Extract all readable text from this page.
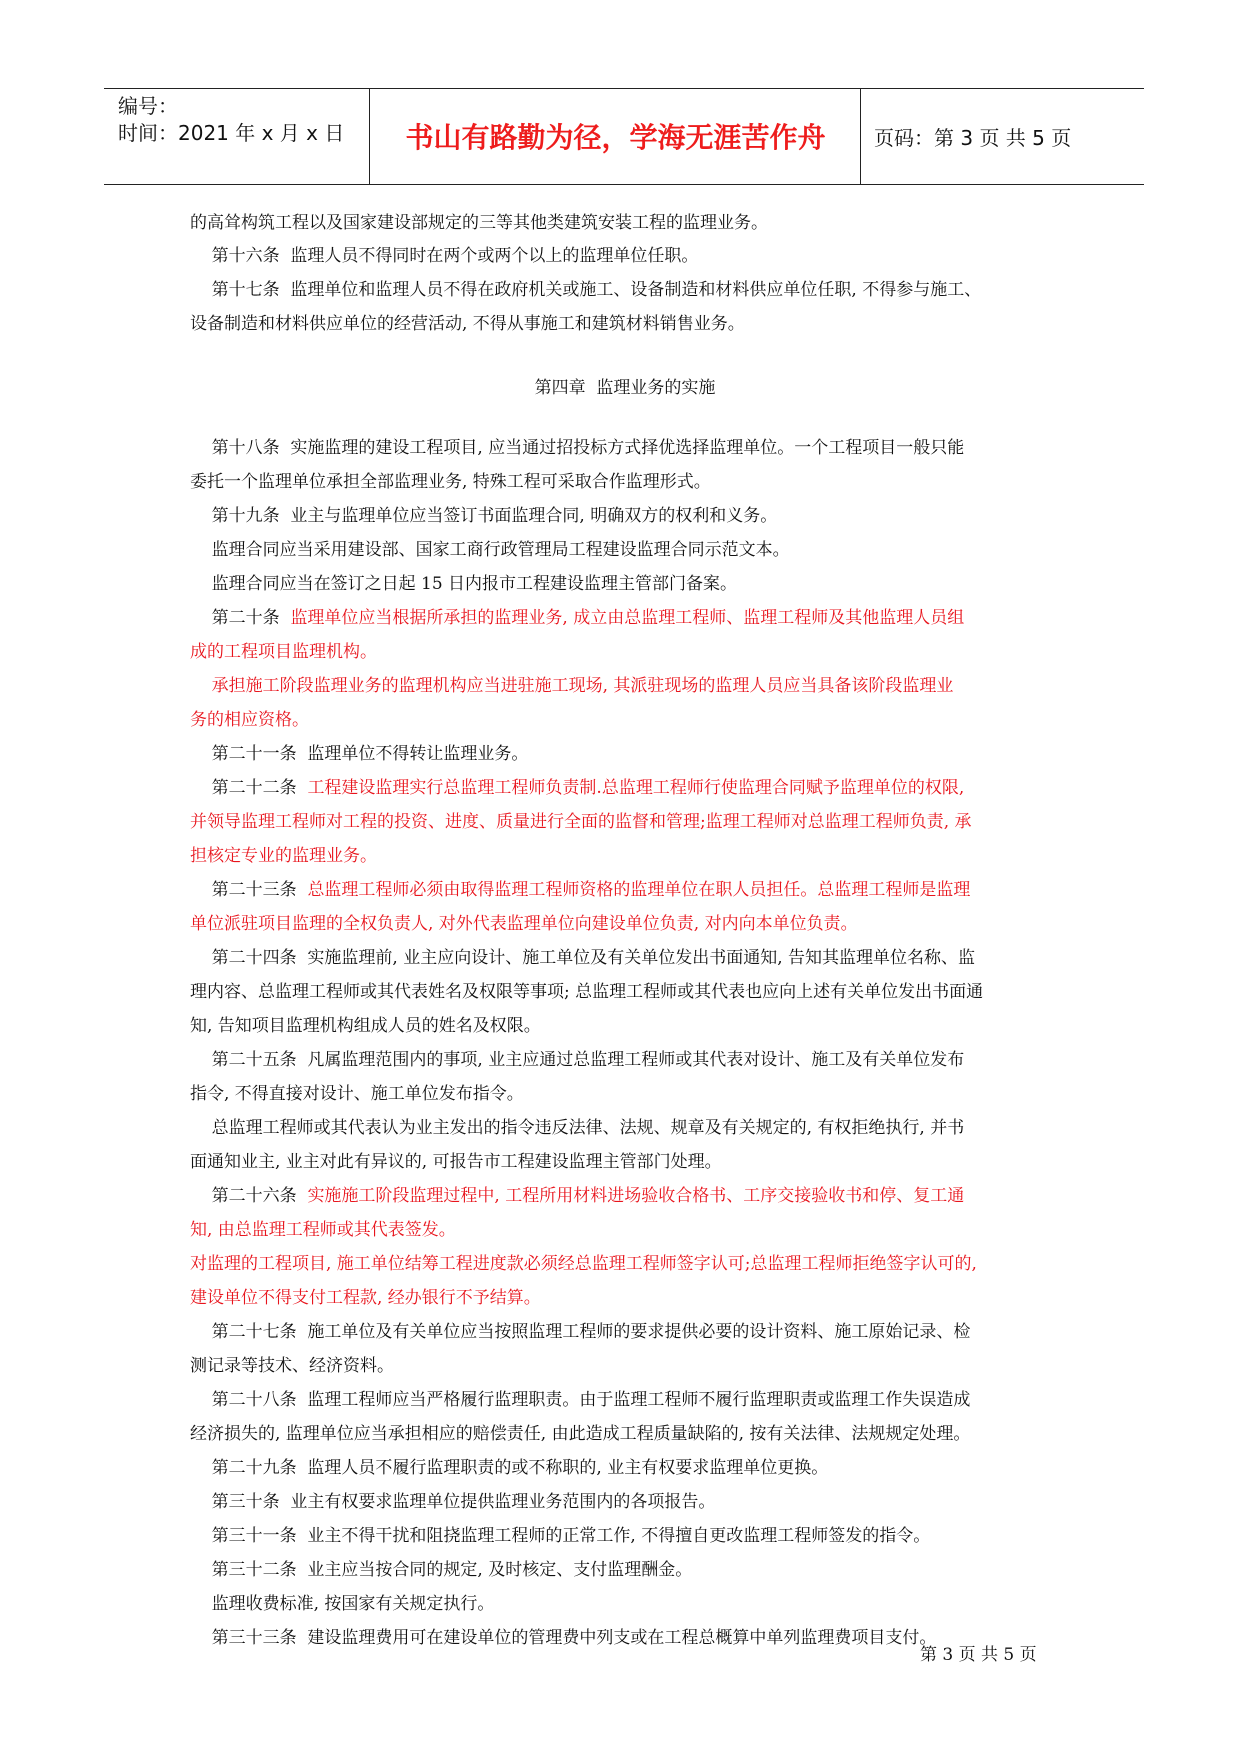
编号：
时间：2021 年 x 月 x 日	书山有路勤为径，学海无涯苦作舟	页码：第 3 页 共 5 页
的高耸构筑工程以及国家建设部规定的三等其他类建筑安装工程的监理业务。
第十六条  监理人员不得同时在两个或两个以上的监理单位任职。
第十七条  监理单位和监理人员不得在政府机关或施工、设备制造和材料供应单位任职, 不得参与施工、
设备制造和材料供应单位的经营活动, 不得从事施工和建筑材料销售业务。
第四章  监理业务的实施
第十八条  实施监理的建设工程项目, 应当通过招投标方式择优选择监理单位。一个工程项目一般只能
委托一个监理单位承担全部监理业务, 特殊工程可采取合作监理形式。
第十九条  业主与监理单位应当签订书面监理合同, 明确双方的权利和义务。
监理合同应当采用建设部、国家工商行政管理局工程建设监理合同示范文本。
监理合同应当在签订之日起 15 日内报市工程建设监理主管部门备案。
第二十条  监理单位应当根据所承担的监理业务, 成立由总监理工程师、监理工程师及其他监理人员组
成的工程项目监理机构。
承担施工阶段监理业务的监理机构应当进驻施工现场, 其派驻现场的监理人员应当具备该阶段监理业
务的相应资格。
第二十一条  监理单位不得转让监理业务。
第二十二条  工程建设监理实行总监理工程师负责制.总监理工程师行使监理合同赋予监理单位的权限,
并领导监理工程师对工程的投资、进度、质量进行全面的监督和管理;监理工程师对总监理工程师负责, 承
担核定专业的监理业务。
第二十三条  总监理工程师必须由取得监理工程师资格的监理单位在职人员担任。总监理工程师是监理
单位派驻项目监理的全权负责人, 对外代表监理单位向建设单位负责, 对内向本单位负责。
第二十四条  实施监理前, 业主应向设计、施工单位及有关单位发出书面通知, 告知其监理单位名称、监
理内容、总监理工程师或其代表姓名及权限等事项; 总监理工程师或其代表也应向上述有关单位发出书面通
知, 告知项目监理机构组成人员的姓名及权限。
第二十五条  凡属监理范围内的事项, 业主应通过总监理工程师或其代表对设计、施工及有关单位发布
指令, 不得直接对设计、施工单位发布指令。
总监理工程师或其代表认为业主发出的指令违反法律、法规、规章及有关规定的, 有权拒绝执行, 并书
面通知业主, 业主对此有异议的, 可报告市工程建设监理主管部门处理。
第二十六条  实施施工阶段监理过程中, 工程所用材料进场验收合格书、工序交接验收书和停、复工通
知, 由总监理工程师或其代表签发。
对监理的工程项目, 施工单位结筹工程进度款必须经总监理工程师签字认可;总监理工程师拒绝签字认可的,
建设单位不得支付工程款, 经办银行不予结算。
第二十七条  施工单位及有关单位应当按照监理工程师的要求提供必要的设计资料、施工原始记录、检
测记录等技术、经济资料。
第二十八条  监理工程师应当严格履行监理职责。由于监理工程师不履行监理职责或监理工作失误造成
经济损失的, 监理单位应当承担相应的赔偿责任, 由此造成工程质量缺陷的, 按有关法律、法规规定处理。
第二十九条  监理人员不履行监理职责的或不称职的, 业主有权要求监理单位更换。
第三十条  业主有权要求监理单位提供监理业务范围内的各项报告。
第三十一条  业主不得干扰和阻挠监理工程师的正常工作, 不得擅自更改监理工程师签发的指令。
第三十二条  业主应当按合同的规定, 及时核定、支付监理酬金。
监理收费标准, 按国家有关规定执行。
第三十三条  建设监理费用可在建设单位的管理费中列支或在工程总概算中单列监理费项目支付。
第 3 页 共 5 页
